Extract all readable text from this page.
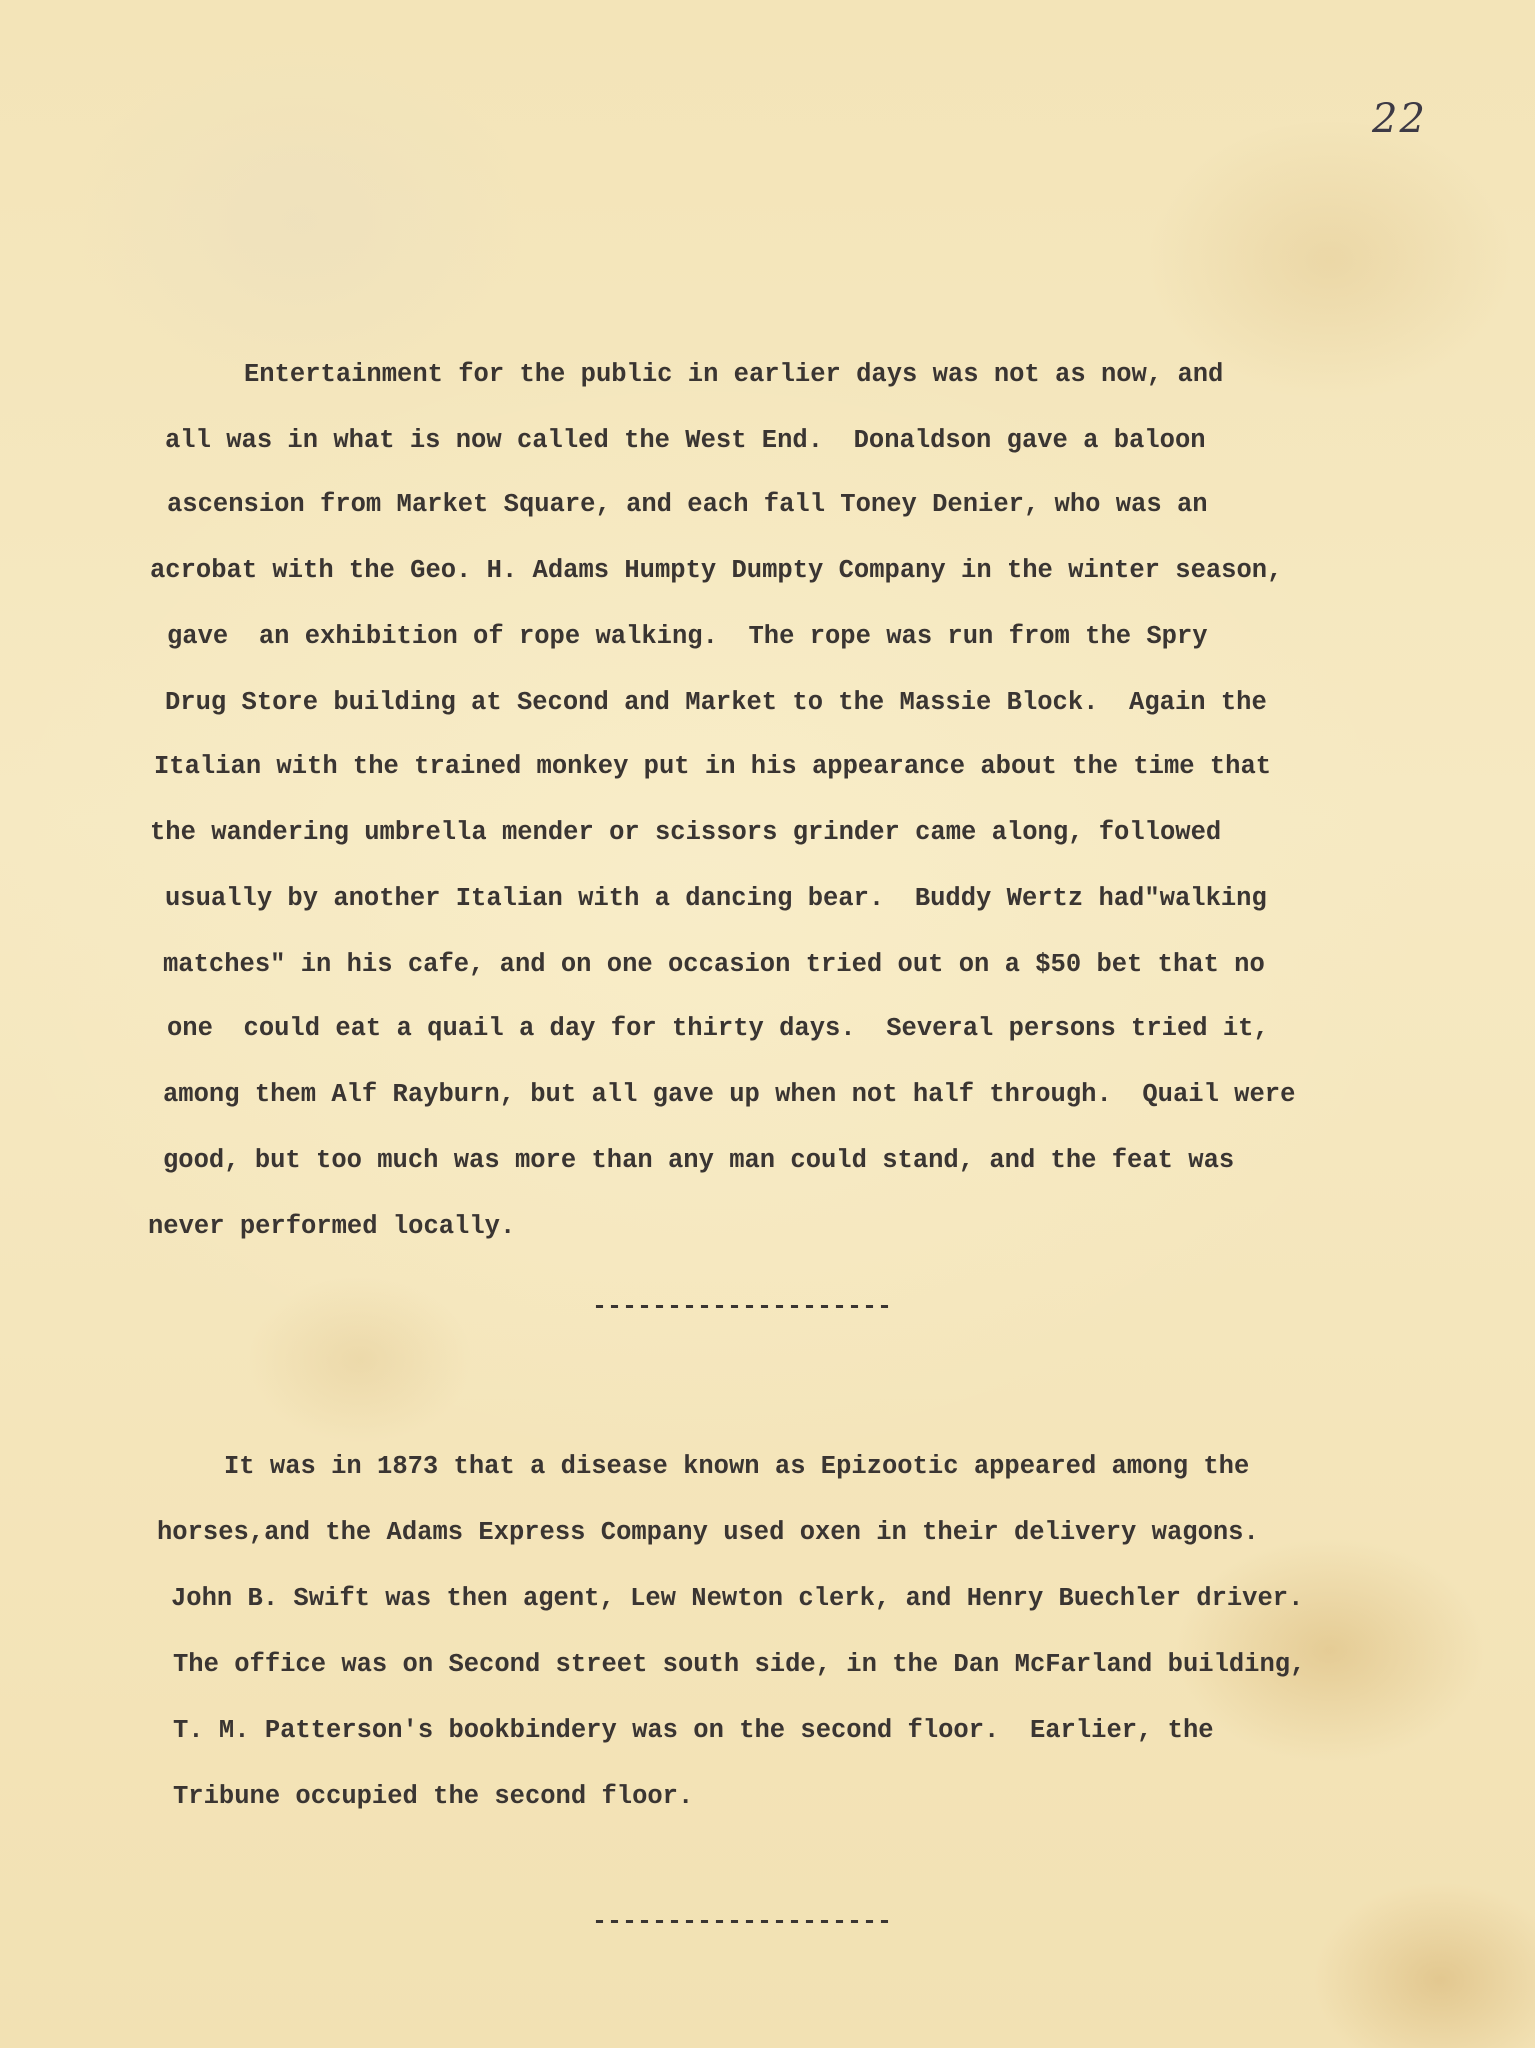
22
Entertainment for the public in earlier days was not as now, and
all was in what is now called the West End.  Donaldson gave a baloon
ascension from Market Square, and each fall Toney Denier, who was an
acrobat with the Geo. H. Adams Humpty Dumpty Company in the winter season,
gave  an exhibition of rope walking.  The rope was run from the Spry
Drug Store building at Second and Market to the Massie Block.  Again the
Italian with the trained monkey put in his appearance about the time that
the wandering umbrella mender or scissors grinder came along, followed
usually by another Italian with a dancing bear.  Buddy Wertz had"walking
matches" in his cafe, and on one occasion tried out on a $50 bet that no
one  could eat a quail a day for thirty days.  Several persons tried it,
among them Alf Rayburn, but all gave up when not half through.  Quail were
good, but too much was more than any man could stand, and the feat was
never performed locally.
--------------------
It was in 1873 that a disease known as Epizootic appeared among the
horses,and the Adams Express Company used oxen in their delivery wagons.
John B. Swift was then agent, Lew Newton clerk, and Henry Buechler driver.
The office was on Second street south side, in the Dan McFarland building,
T. M. Patterson's bookbindery was on the second floor.  Earlier, the
Tribune occupied the second floor.
--------------------
